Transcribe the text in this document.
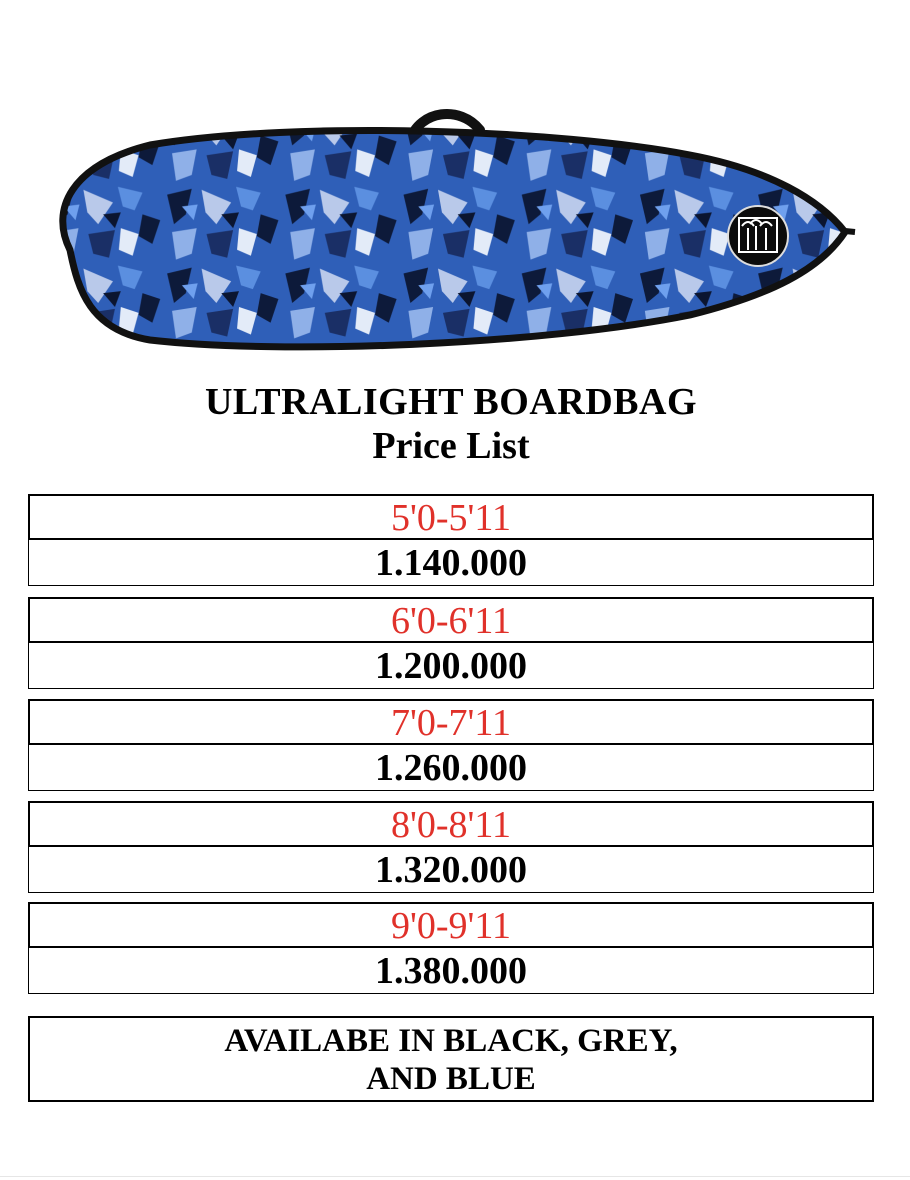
ULTRALIGHT BOARDBAG
Price List
5'0-5'11
1.140.000
6'0-6'11
1.200.000
7'0-7'11
1.260.000
8'0-8'11
1.320.000
9'0-9'11
1.380.000
AVAILABE IN BLACK, GREY,
AND BLUE
